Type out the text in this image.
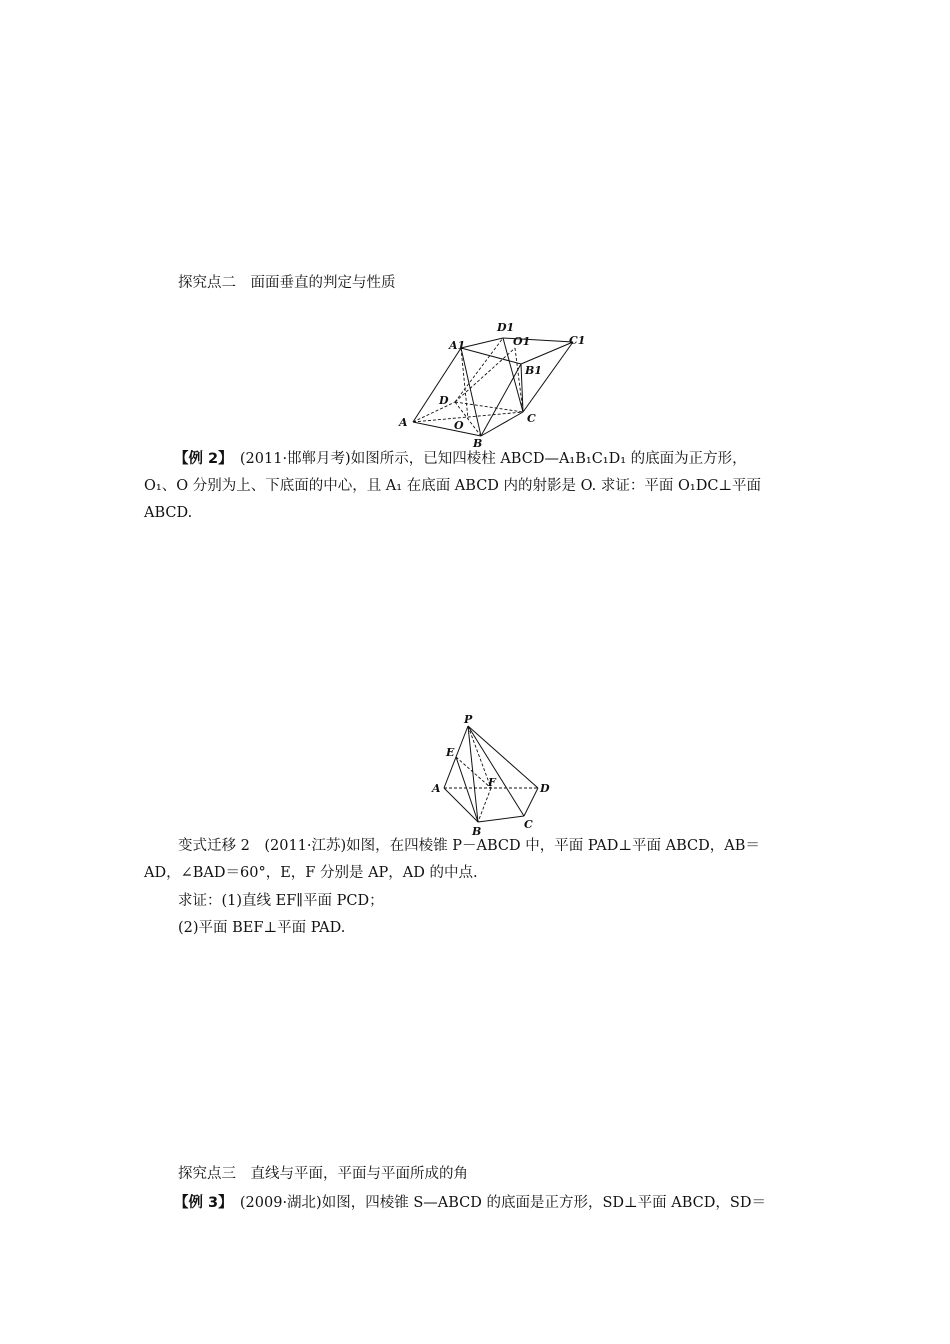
探究点二　面面垂直的判定与性质
A
B
C
D
O
A1
B1
C1
D1
O1
【例 2】　(2011·邯郸月考)如图所示，已知四棱柱 ABCD—A₁B₁C₁D₁ 的底面为正方形，
O₁、O 分别为上、下底面的中心，且 A₁ 在底面 ABCD 内的射影是 O. 求证：平面 O₁DC⊥平面
ABCD.
P
E
A	F	D
B
C
变式迁移 2　(2011·江苏)如图，在四棱锥 P－ABCD 中，平面 PAD⊥平面 ABCD，AB＝
AD，∠BAD＝60°，E，F 分别是 AP，AD 的中点.
求证：(1)直线 EF∥平面 PCD；
(2)平面 BEF⊥平面 PAD.
探究点三　直线与平面，平面与平面所成的角
【例 3】　(2009·湖北)如图，四棱锥 S—ABCD 的底面是正方形，SD⊥平面 ABCD，SD＝
